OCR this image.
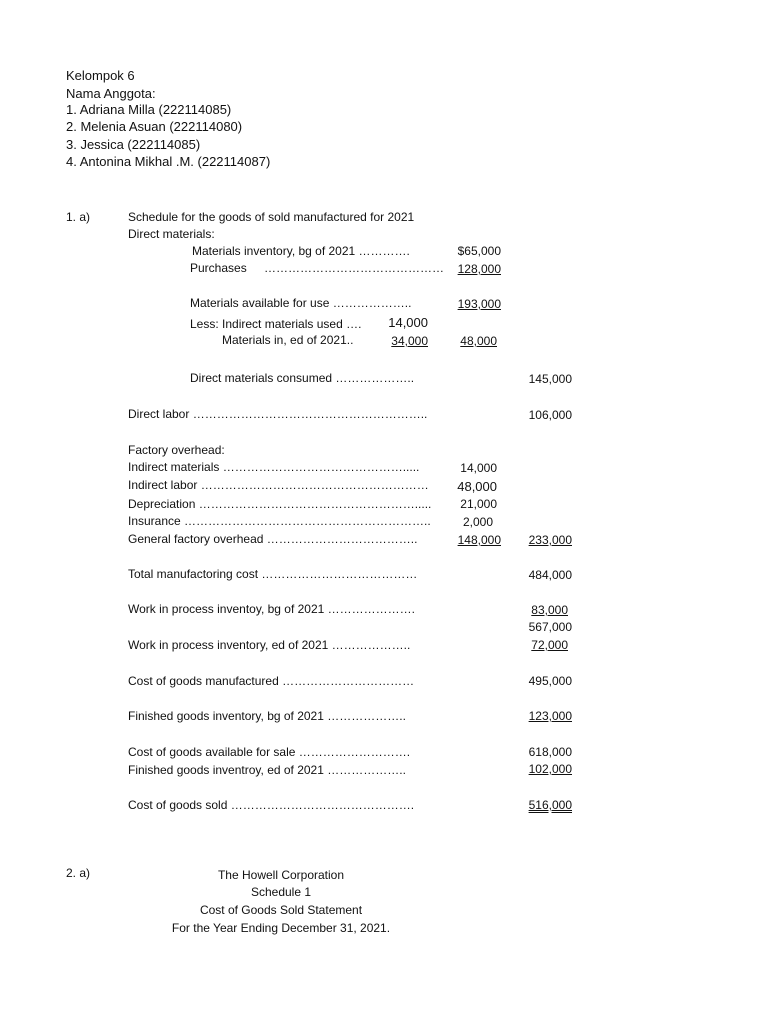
Kelompok 6
Nama Anggota:
1. Adriana Milla (222114085)
2. Melenia Asuan (222114080)
3. Jessica (222114085)
4. Antonina Mikhal .M. (222114087)
1. a)	Schedule for the goods of sold manufactured for 2021
Direct materials:
Materials inventory, bg of 2021 ………….	$65,000
Purchases ………………………………………	128,000
Materials available for use ………………..	193,000
Less: Indirect materials used ….	14,000
Materials in, ed of 2021..	34,000	48,000
Direct materials consumed ………………..	145,000
Direct labor …………………………………………………..	106,000
Factory overhead:
Indirect materials ……………………………………….....	14,000
Indirect labor …………………………………………………	48,000
Depreciation ……………………………………………….....	21,000
Insurance ……………………………………………………..	2,000
General factory overhead ………………………………..	148,000	233,000
Total manufactoring cost …………………………………	484,000
Work in process inventoy, bg of 2021 ………………….	83,000
567,000
Work in process inventory, ed of 2021 ………………..	72,000
Cost of goods manufactured ……………………………	495,000
Finished goods inventory, bg of 2021 ………………..	123,000
Cost of goods available for sale ……………………….	618,000
Finished goods inventroy, ed of 2021 ………………..	102,000
Cost of goods sold ……………………………………….	516,000
2. a)	The Howell Corporation
Schedule 1
Cost of Goods Sold Statement
For the Year Ending December 31, 2021.
